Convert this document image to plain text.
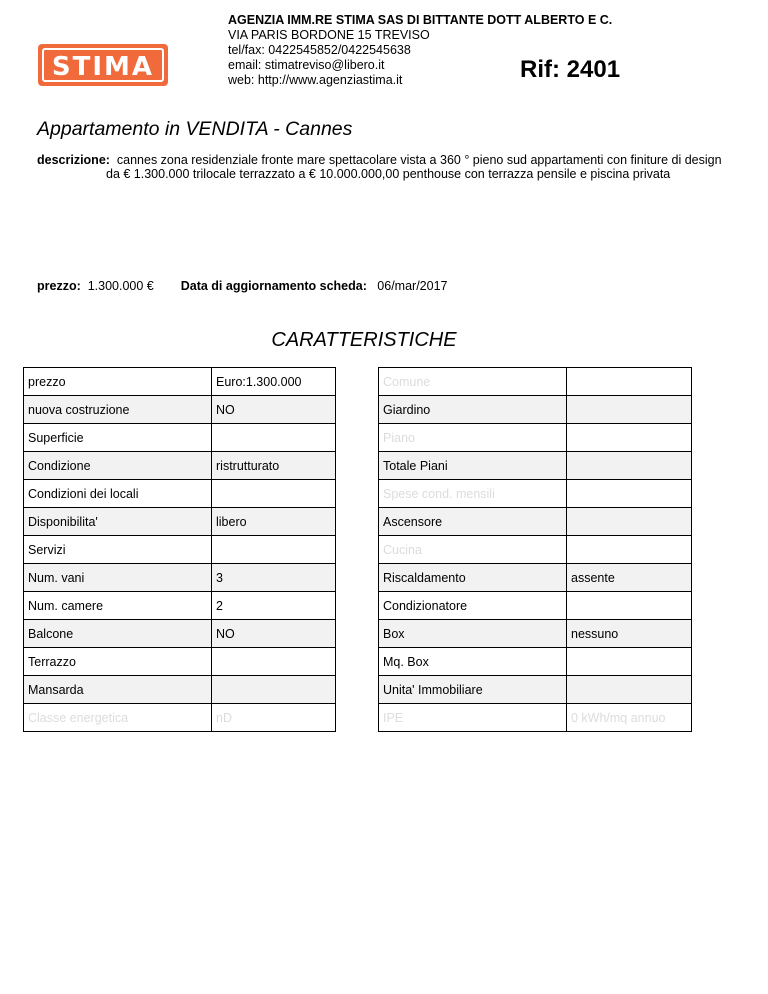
STIMA
AGENZIA IMM.RE STIMA SAS DI BITTANTE DOTT ALBERTO E C.
VIA PARIS BORDONE 15 TREVISO
tel/fax: 0422545852/0422545638
email: stimatreviso@libero.it
web: http://www.agenziastima.it	Rif: 2401
Appartamento in VENDITA - Cannes
descrizione: cannes zona residenziale fronte mare spettacolare vista a 360 ° pieno sud appartamenti con finiture di design
da € 1.300.000 trilocale terrazzato a € 10.000.000,00 penthouse con terrazza pensile e piscina privata
prezzo: 1.300.000 € Data di aggiornamento scheda: 06/mar/2017
CARATTERISTICHE
prezzo	Euro:1.300.000		Comune	
nuova costruzione	NO		Giardino	
Superficie			Piano	
Condizione	ristrutturato		Totale Piani	
Condizioni dei locali			Spese cond. mensili	
Disponibilita'	libero		Ascensore	
Servizi			Cucina	
Num. vani	3		Riscaldamento	assente
Num. camere	2		Condizionatore	
Balcone	NO		Box	nessuno
Terrazzo			Mq. Box	
Mansarda			Unita' Immobiliare	
Classe energetica	nD		IPE	0 kWh/mq annuo
